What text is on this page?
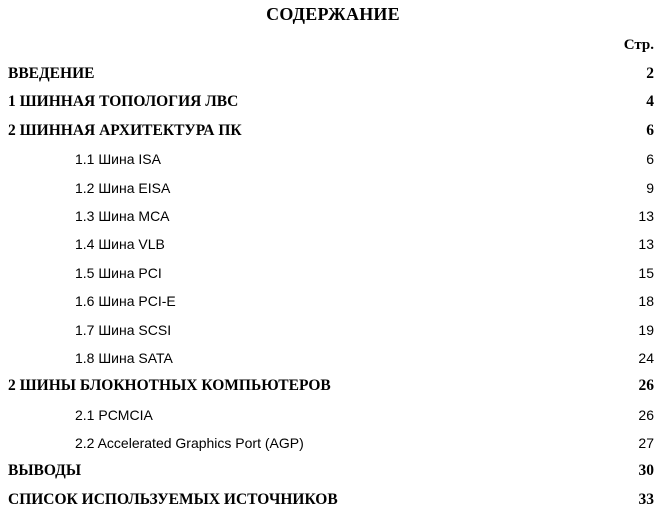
СОДЕРЖАНИЕ
Стр.
ВВЕДЕНИЕ	2
1 ШИННАЯ ТОПОЛОГИЯ ЛВС	4
2 ШИННАЯ АРХИТЕКТУРА ПК	6
1.1 Шина ISA	6
1.2 Шина EISA	9
1.3 Шина MCA	13
1.4 Шина VLB	13
1.5 Шина PCI	15
1.6 Шина PCI-E	18
1.7 Шина SCSI	19
1.8 Шина SATA	24
2 ШИНЫ БЛОКНОТНЫХ КОМПЬЮТЕРОВ	26
2.1 PCMCIA	26
2.2 Accelerated Graphics Port (AGP)	27
ВЫВОДЫ	30
СПИСОК ИСПОЛЬЗУЕМЫХ ИСТОЧНИКОВ	33
